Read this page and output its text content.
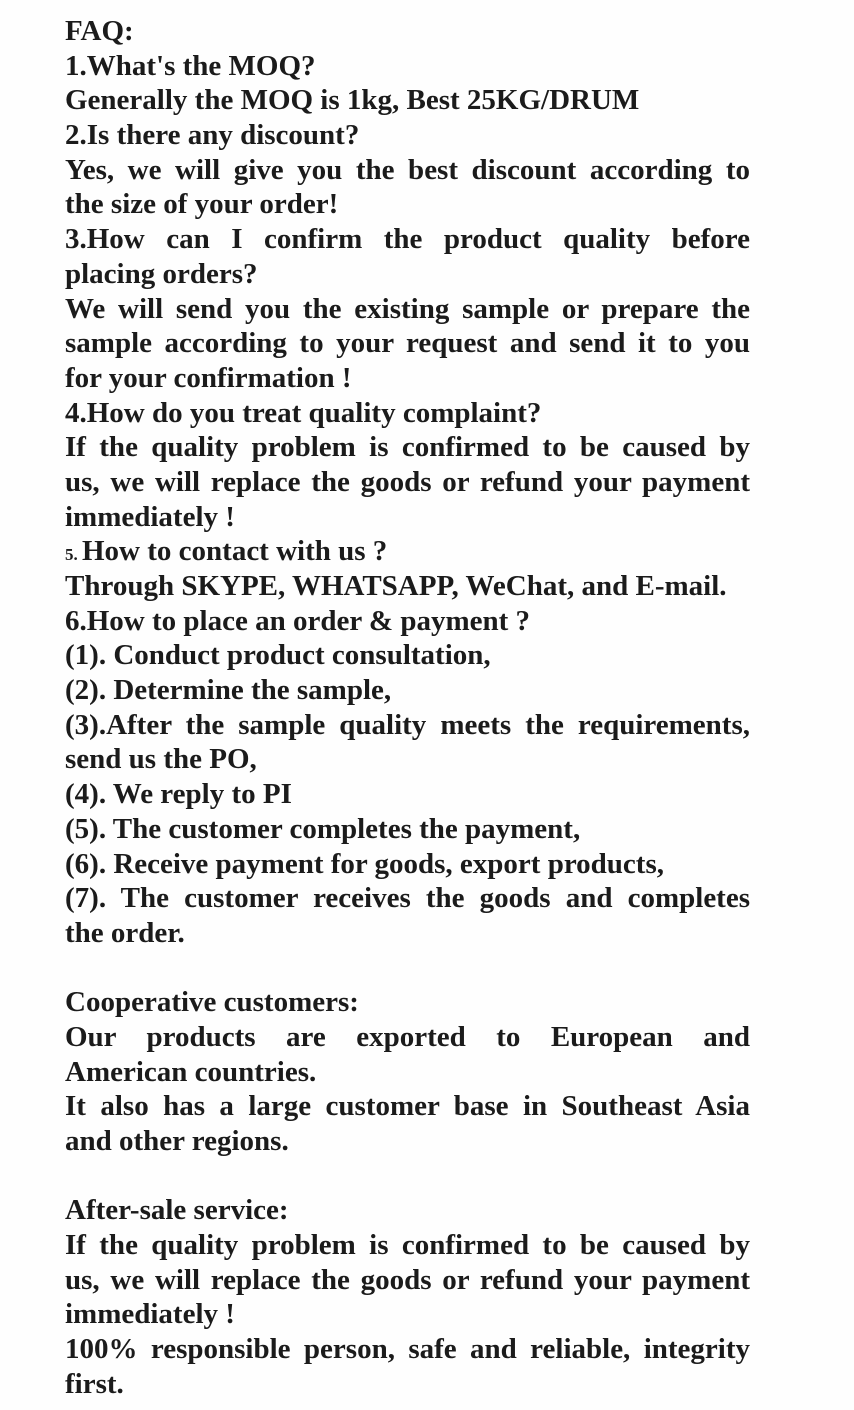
FAQ:
1.What's the MOQ?
Generally the MOQ is 1kg, Best 25KG/DRUM
2.Is there any discount?
Yes, we will give you the best discount according to
the size of your order!
3.How can I confirm the product quality before
placing orders?
We will send you the existing sample or prepare the
sample according to your request and send it to you
for your confirmation !
4.How do you treat quality complaint?
If the quality problem is confirmed to be caused by
us, we will replace the goods or refund your payment
immediately !
5. How to contact with us ?
Through SKYPE, WHATSAPP, WeChat, and E-mail.
6.How to place an order & payment ?
(1). Conduct product consultation,
(2). Determine the sample,
(3).After the sample quality meets the requirements,
send us the PO,
(4). We reply to PI
(5). The customer completes the payment,
(6). Receive payment for goods, export products,
(7). The customer receives the goods and completes
the order.
Cooperative customers:
Our products are exported to European and
American countries.
It also has a large customer base in Southeast Asia
and other regions.
After-sale service:
If the quality problem is confirmed to be caused by
us, we will replace the goods or refund your payment
immediately !
100% responsible person, safe and reliable, integrity
first.
